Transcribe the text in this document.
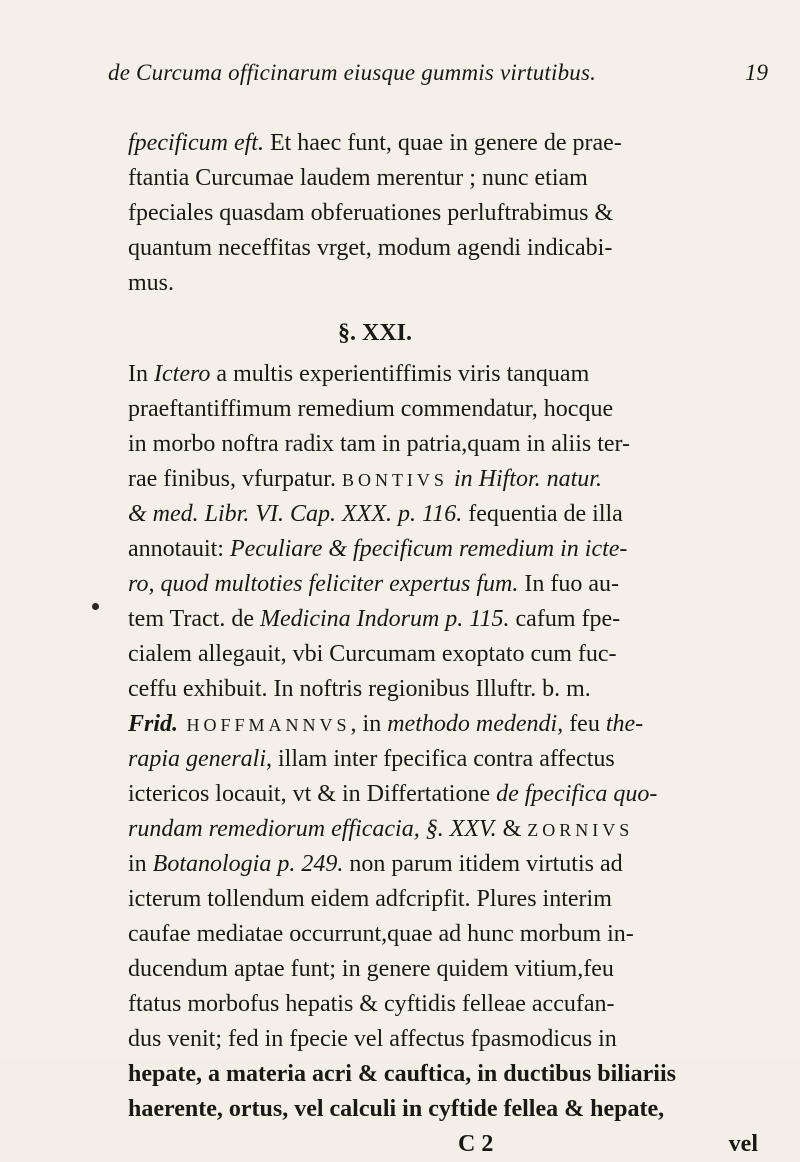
de Curcuma officinarum eiusque gummis virtutibus.	19
fpecificum eft. Et haec funt, quae in genere de prae-
ftantia Curcumae laudem merentur ; nunc etiam
fpeciales quasdam obferuationes perluftrabimus &
quantum neceffitas vrget, modum agendi indicabi-
mus.
§. XXI.
In Ictero a multis experientiffimis viris tanquam
praeftantiffimum remedium commendatur, hocque
in morbo noftra radix tam in patria,quam in aliis ter-
rae finibus, vfurpatur. BONTIVS in Hiftor. natur.
& med. Libr. VI. Cap. XXX. p. 116. fequentia de illa
annotauit: Peculiare & fpecificum remedium in icte-
ro, quod multoties feliciter expertus fum. In fuo au-
tem Tract. de Medicina Indorum p. 115. cafum fpe-
cialem allegauit, vbi Curcumam exoptato cum fuc-
ceffu exhibuit. In noftris regionibus Illuftr. b. m.
Frid. HOFFMANNVS, in methodo medendi, feu the-
rapia generali, illam inter fpecifica contra affectus
ictericos locauit, vt & in Differtatione de fpecifica quo-
rundam remediorum efficacia, §. XXV. & ZORNIVS
in Botanologia p. 249. non parum itidem virtutis ad
icterum tollendum eidem adfcripfit. Plures interim
caufae mediatae occurrunt,quae ad hunc morbum in-
ducendum aptae funt; in genere quidem vitium,feu
ftatus morbofus hepatis & cyftidis felleae accufan-
dus venit; fed in fpecie vel affectus fpasmodicus in
hepate, a materia acri & cauftica, in ductibus biliariis
haerente, ortus, vel calculi in cyftide fellea & hepate,
C 2	vel
